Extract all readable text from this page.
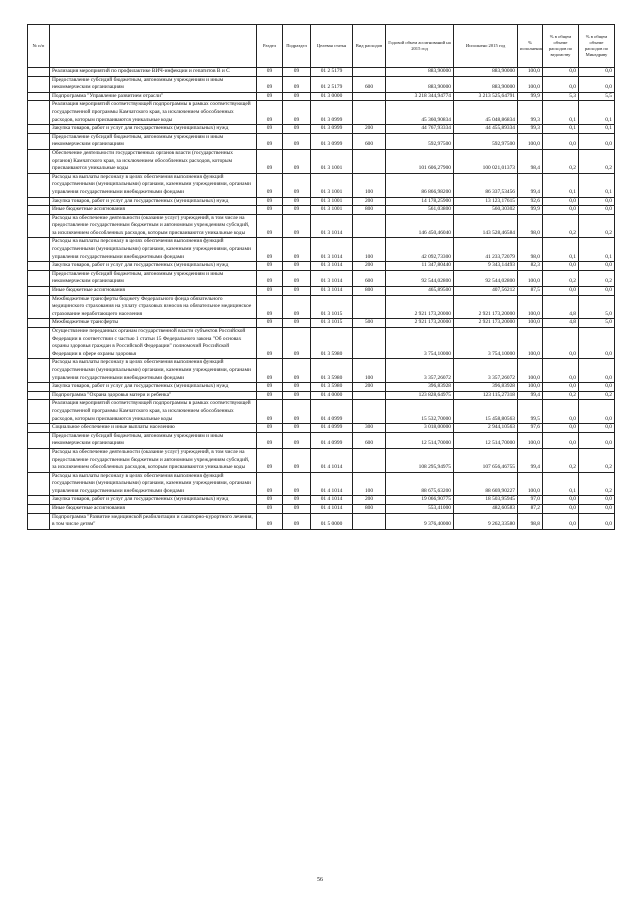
№ п/п		Раздел	Подраздел	Целевая статья	Вид расходов	Годовой объем ассигнований на 2015 год	Исполнено 2015 год	% исполнения	% в общем объеме расходов по ведомству	% в общем объеме расходов по Минздраву
	Реализация мероприятий по профилактике ВИЧ-инфекции и гепатитов В и С	09	09	01 2 5179		883,90000	883,90000	100,0	0,0	0,0
	Предоставление субсидий бюджетным, автономным учреждениям и иным некоммерческим организациям	09	09	01 2 5179	600	883,90000	883,90000	100,0	0,0	0,0
	Подпрограмма "Управление развитием отрасли"	09	09	01 3 0000		3 218 344,94774	3 213 525,64791	99,9	5,3	5,5
	Реализация мероприятий соответствующей подпрограммы в рамках соответствующей государственной программы Камчатского края, за исключением обособленных расходов, которым присваиваются уникальные коды	09	09	01 3 0999		45 360,90834	45 048,86834	99,3	0,1	0,1
	Закупка товаров, работ и услуг для государственных (муниципальных) нужд	09	09	01 3 0999	200	44 767,93334	44 455,89334	99,3	0,1	0,1
	Предоставление субсидий бюджетным, автономным учреждениям и иным некоммерческим организациям	09	09	01 3 0999	600	592,97500	592,97500	100,0	0,0	0,0
	Обеспечение деятельности государственных органов власти (государственных органов) Камчатского края, за исключением обособленных расходов, которым присваиваются уникальные коды	09	09	01 3 1001		101 606,27900	100 021,01373	98,4	0,2	0,2
	Расходы на выплаты персоналу в целях обеспечения выполнения функций государственными (муниципальными) органами, казенными учреждениями, органами управления государственными внебюджетными фондами	09	09	01 3 1001	100	86 866,98200	86 337,53456	99,4	0,1	0,1
	Закупка товаров, работ и услуг для государственных (муниципальных) нужд	09	09	01 3 1001	200	14 178,25900	13 123,17615	92,6	0,0	0,0
	Иные бюджетные ассигнования	09	09	01 3 1001	800	561,03800	560,30302	99,9	0,0	0,0
	Расходы на обеспечение деятельности (оказание услуг) учреждений, в том числе на предоставление государственным бюджетным и автономным учреждениям субсидий, за исключением обособленных расходов, которым присваиваются уникальные коды	09	09	01 3 1014		146 450,46040	143 528,46584	98,0	0,2	0,2
	Расходы на выплаты персоналу в целях обеспечения выполнения функций государственными (муниципальными) органами, казенными учреждениями, органами управления государственными внебюджетными фондами	09	09	01 3 1014	100	42 092,73300	41 233,72079	98,0	0,1	0,1
	Закупка товаров, работ и услуг для государственных (муниципальных) нужд	09	09	01 3 1014	200	11 347,80440	9 343,14493	82,3	0,0	0,0
	Предоставление субсидий бюджетным, автономным учреждениям и иным некоммерческим организациям	09	09	01 3 1014	600	92 544,02800	92 544,02800	100,0	0,2	0,2
	Иные бюджетные ассигнования	09	09	01 3 1014	800	465,89500	407,56212	87,5	0,0	0,0
	Межбюджетные трансферты бюджету Федерального фонда обязательного медицинского страхования на уплату страховых взносов на обязательное медицинское страхование неработающего населения	09	09	01 3 1015		2 921 173,20000	2 921 173,20000	100,0	4,8	5,0
	Межбюджетные трансферты	09	09	01 3 1015	500	2 921 173,20000	2 921 173,20000	100,0	4,8	5,0
	Осуществление переданных органам государственной власти субъектов Российской Федерации в соответствии с частью 1 статьи 15 Федерального закона "Об основах охраны здоровья граждан в Российской Федерации" полномочий Российской Федерации в сфере охраны здоровья	09	09	01 3 5980		3 754,10000	3 754,10000	100,0	0,0	0,0
	Расходы на выплаты персоналу в целях обеспечения выполнения функций государственными (муниципальными) органами, казенными учреждениями, органами управления государственными внебюджетными фондами	09	09	01 3 5980	100	3 357,26072	3 357,26072	100,0	0,0	0,0
	Закупка товаров, работ и услуг для государственных (муниципальных) нужд	09	09	01 3 5980	200	396,83928	396,83928	100,0	0,0	0,0
	Подпрограмма "Охрана здоровья матери и ребенка"	09	09	01 4 0000		123 828,64975	123 115,27318	99,4	0,2	0,2
	Реализация мероприятий соответствующей подпрограммы в рамках соответствующей государственной программы Камчатского края, за исключением обособленных расходов, которым присваиваются уникальные коды	09	09	01 4 0999		15 532,70000	15 458,80563	99,5	0,0	0,0
	Социальное обеспечение и иные выплаты населению	09	09	01 4 0999	300	3 018,00000	2 944,10563	97,6	0,0	0,0
	Предоставление субсидий бюджетным, автономным учреждениям и иным некоммерческим организациям	09	09	01 4 0999	600	12 514,70000	12 514,70000	100,0	0,0	0,0
	Расходы на обеспечение деятельности (оказание услуг) учреждений, в том числе на предоставление государственным бюджетным и автономным учреждениям субсидий, за исключением обособленных расходов, которым присваиваются уникальные коды	09	09	01 4 1014		108 295,94975	107 656,46755	99,4	0,2	0,2
	Расходы на выплаты персоналу в целях обеспечения выполнения функций государственными (муниципальными) органами, казенными учреждениями, органами управления государственными внебюджетными фондами	09	09	01 4 1014	100	88 675,63200	88 669,90227	100,0	0,1	0,2
	Закупка товаров, работ и услуг для государственных (муниципальных) нужд	09	09	01 4 1014	200	19 066,90775	18 503,95945	97,0	0,0	0,0
	Иные бюджетные ассигнования	09	09	01 4 1014	800	553,41000	482,60583	87,2	0,0	0,0
	Подпрограмма "Развитие медицинской реабилитации и санаторно-курортного лечения, в том числе детям"	09	09	01 5 0000		9 376,40000	9 262,33580	98,8	0,0	0,0
56
